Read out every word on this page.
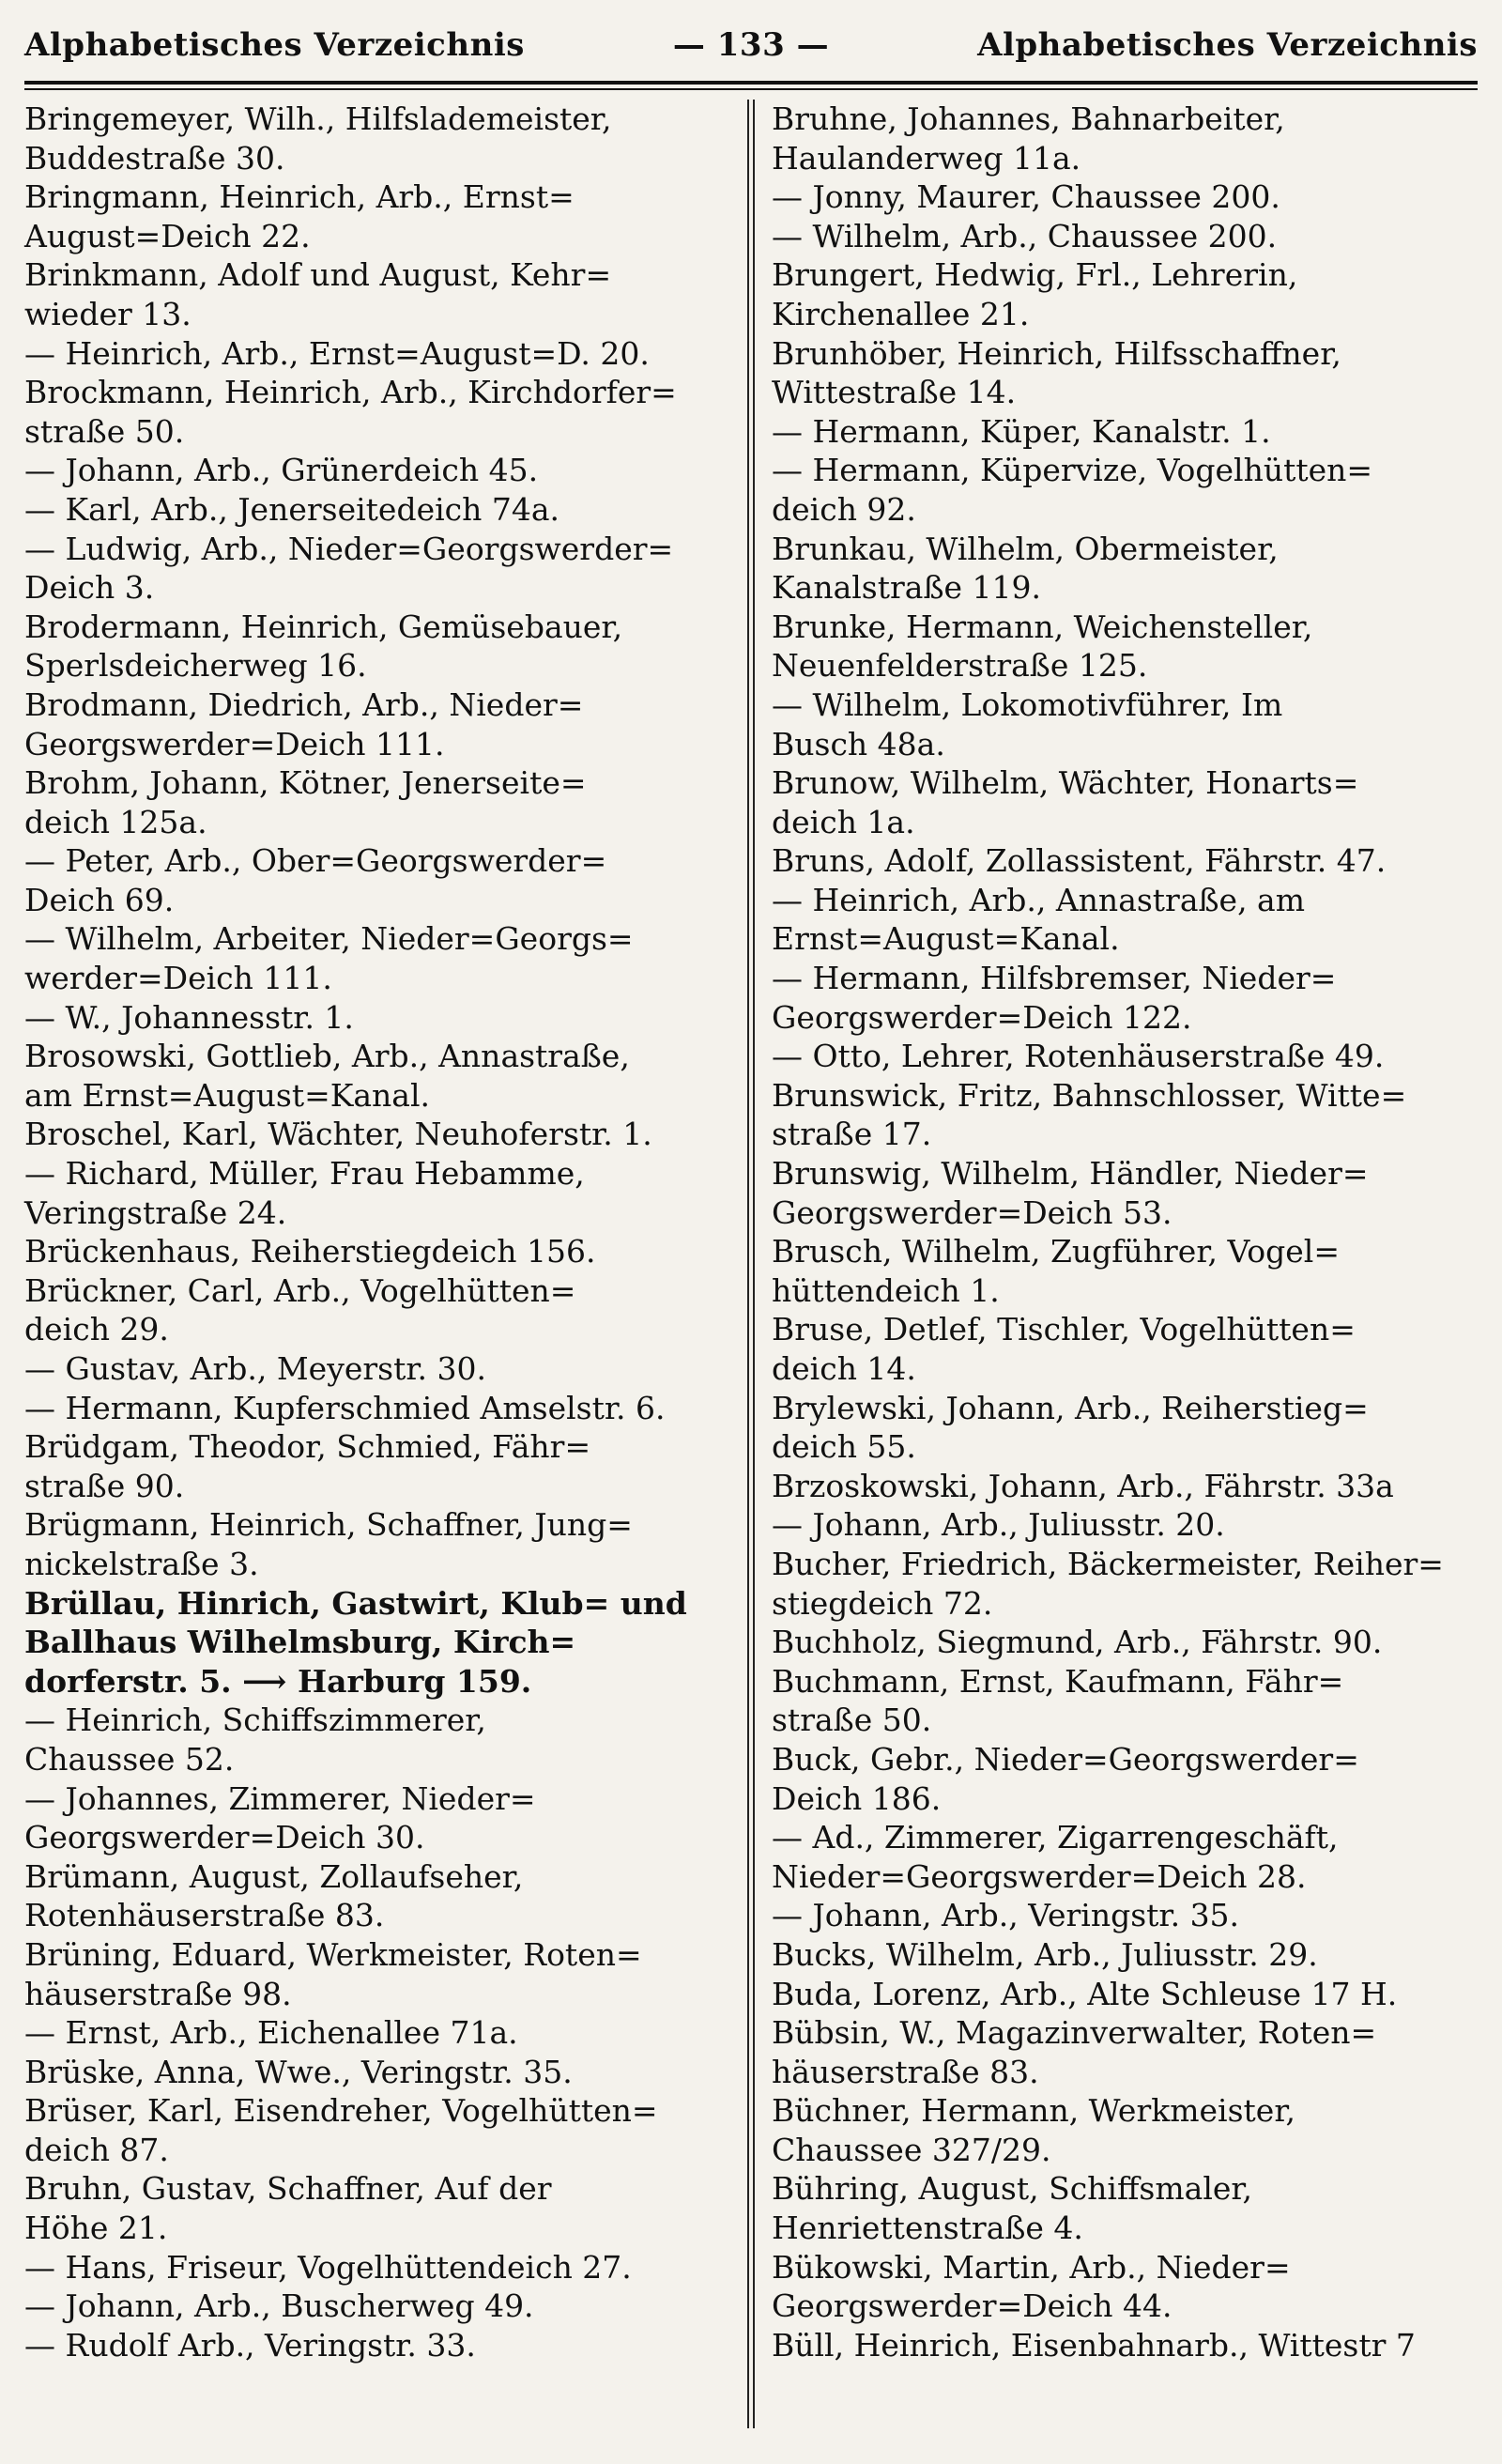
Alphabetisches Verzeichnis	— 133 —	Alphabetisches Verzeichnis
Bringemeyer, Wilh., Hilfslademeister,
Buddestraße 30.
Bringmann, Heinrich, Arb., Ernst=
August=Deich 22.
Brinkmann, Adolf und August, Kehr=
wieder 13.
— Heinrich, Arb., Ernst=August=D. 20.
Brockmann, Heinrich, Arb., Kirchdorfer=
straße 50.
— Johann, Arb., Grünerdeich 45.
— Karl, Arb., Jenerseitedeich 74a.
— Ludwig, Arb., Nieder=Georgswerder=
Deich 3.
Brodermann, Heinrich, Gemüsebauer,
Sperlsdeicherweg 16.
Brodmann, Diedrich, Arb., Nieder=
Georgswerder=Deich 111.
Brohm, Johann, Kötner, Jenerseite=
deich 125a.
— Peter, Arb., Ober=Georgswerder=
Deich 69.
— Wilhelm, Arbeiter, Nieder=Georgs=
werder=Deich 111.
— W., Johannesstr. 1.
Brosowski, Gottlieb, Arb., Annastraße,
am Ernst=August=Kanal.
Broschel, Karl, Wächter, Neuhoferstr. 1.
— Richard, Müller, Frau Hebamme,
Veringstraße 24.
Brückenhaus, Reiherstiegdeich 156.
Brückner, Carl, Arb., Vogelhütten=
deich 29.
— Gustav, Arb., Meyerstr. 30.
— Hermann, Kupferschmied Amselstr. 6.
Brüdgam, Theodor, Schmied, Fähr=
straße 90.
Brügmann, Heinrich, Schaffner, Jung=
nickelstraße 3.
Brüllau, Hinrich, Gastwirt, Klub= und
Ballhaus Wilhelmsburg, Kirch=
dorferstr. 5. ⟶ Harburg 159.
— Heinrich, Schiffszimmerer,
Chaussee 52.
— Johannes, Zimmerer, Nieder=
Georgswerder=Deich 30.
Brümann, August, Zollaufseher,
Rotenhäuserstraße 83.
Brüning, Eduard, Werkmeister, Roten=
häuserstraße 98.
— Ernst, Arb., Eichenallee 71a.
Brüske, Anna, Wwe., Veringstr. 35.
Brüser, Karl, Eisendreher, Vogelhütten=
deich 87.
Bruhn, Gustav, Schaffner, Auf der
Höhe 21.
— Hans, Friseur, Vogelhüttendeich 27.
— Johann, Arb., Buscherweg 49.
— Rudolf Arb., Veringstr. 33.
Bruhne, Johannes, Bahnarbeiter,
Haulanderweg 11a.
— Jonny, Maurer, Chaussee 200.
— Wilhelm, Arb., Chaussee 200.
Brungert, Hedwig, Frl., Lehrerin,
Kirchenallee 21.
Brunhöber, Heinrich, Hilfsschaffner,
Wittestraße 14.
— Hermann, Küper, Kanalstr. 1.
— Hermann, Küpervize, Vogelhütten=
deich 92.
Brunkau, Wilhelm, Obermeister,
Kanalstraße 119.
Brunke, Hermann, Weichensteller,
Neuenfelderstraße 125.
— Wilhelm, Lokomotivführer, Im
Busch 48a.
Brunow, Wilhelm, Wächter, Honarts=
deich 1a.
Bruns, Adolf, Zollassistent, Fährstr. 47.
— Heinrich, Arb., Annastraße, am
Ernst=August=Kanal.
— Hermann, Hilfsbremser, Nieder=
Georgswerder=Deich 122.
— Otto, Lehrer, Rotenhäuserstraße 49.
Brunswick, Fritz, Bahnschlosser, Witte=
straße 17.
Brunswig, Wilhelm, Händler, Nieder=
Georgswerder=Deich 53.
Brusch, Wilhelm, Zugführer, Vogel=
hüttendeich 1.
Bruse, Detlef, Tischler, Vogelhütten=
deich 14.
Brylewski, Johann, Arb., Reiherstieg=
deich 55.
Brzoskowski, Johann, Arb., Fährstr. 33a
— Johann, Arb., Juliusstr. 20.
Bucher, Friedrich, Bäckermeister, Reiher=
stiegdeich 72.
Buchholz, Siegmund, Arb., Fährstr. 90.
Buchmann, Ernst, Kaufmann, Fähr=
straße 50.
Buck, Gebr., Nieder=Georgswerder=
Deich 186.
— Ad., Zimmerer, Zigarrengeschäft,
Nieder=Georgswerder=Deich 28.
— Johann, Arb., Veringstr. 35.
Bucks, Wilhelm, Arb., Juliusstr. 29.
Buda, Lorenz, Arb., Alte Schleuse 17 H.
Bübsin, W., Magazinverwalter, Roten=
häuserstraße 83.
Büchner, Hermann, Werkmeister,
Chaussee 327/29.
Bühring, August, Schiffsmaler,
Henriettenstraße 4.
Bükowski, Martin, Arb., Nieder=
Georgswerder=Deich 44.
Büll, Heinrich, Eisenbahnarb., Wittestr 7
